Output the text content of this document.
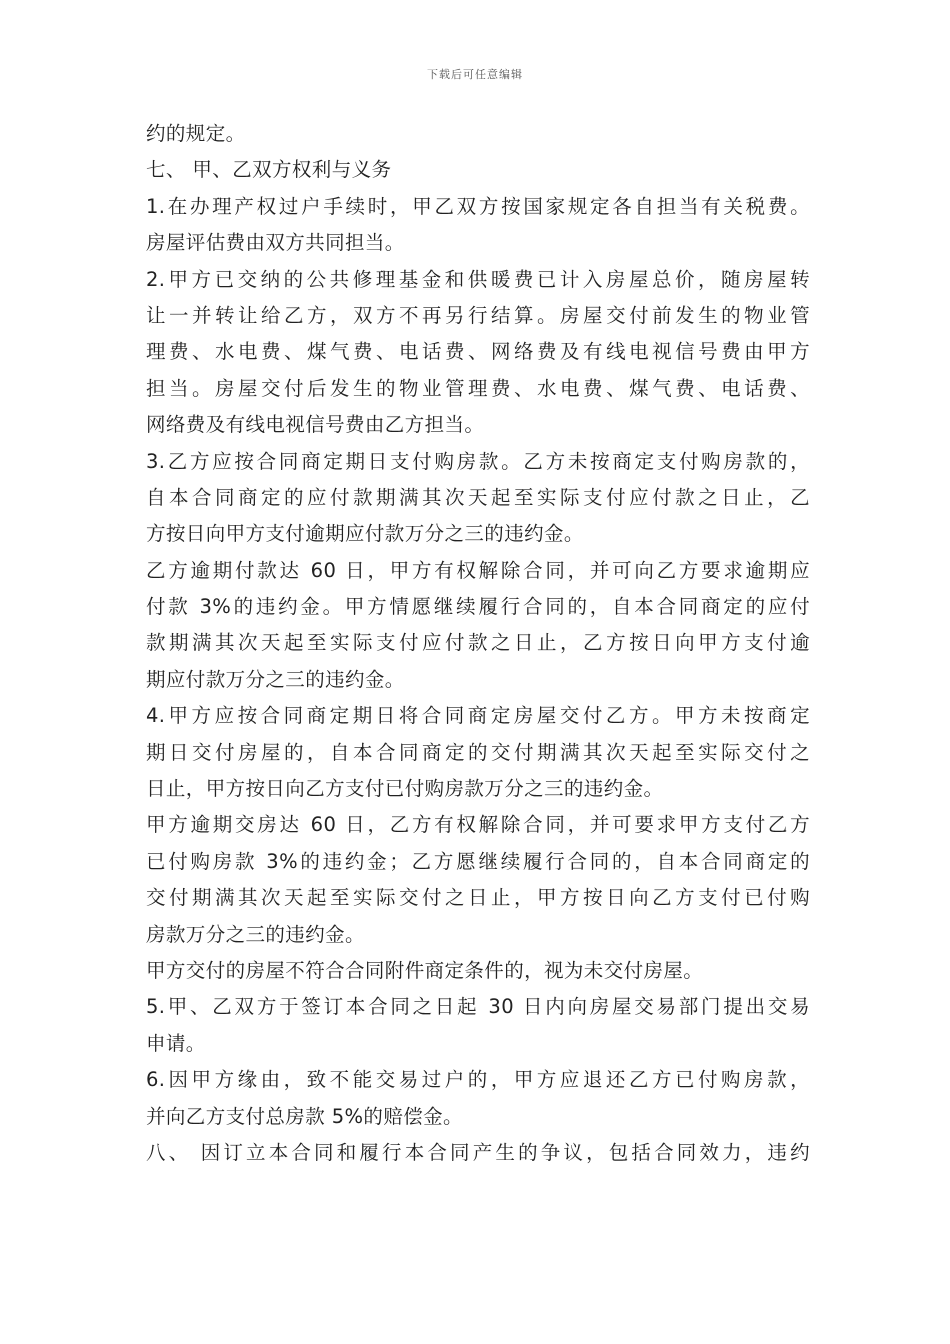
下载后可任意编辑
约的规定。
七、 甲、乙双方权利与义务
1.在办理产权过户手续时，甲乙双方按国家规定各自担当有关税费。
房屋评估费由双方共同担当。
2.甲方已交纳的公共修理基金和供暖费已计入房屋总价，随房屋转
让一并转让给乙方，双方不再另行结算。房屋交付前发生的物业管
理费、水电费、煤气费、电话费、网络费及有线电视信号费由甲方
担当。房屋交付后发生的物业管理费、水电费、煤气费、电话费、
网络费及有线电视信号费由乙方担当。
3.乙方应按合同商定期日支付购房款。乙方未按商定支付购房款的，
自本合同商定的应付款期满其次天起至实际支付应付款之日止，乙
方按日向甲方支付逾期应付款万分之三的违约金。
乙方逾期付款达 60 日，甲方有权解除合同，并可向乙方要求逾期应
付款 3%的违约金。甲方情愿继续履行合同的，自本合同商定的应付
款期满其次天起至实际支付应付款之日止，乙方按日向甲方支付逾
期应付款万分之三的违约金。
4.甲方应按合同商定期日将合同商定房屋交付乙方。甲方未按商定
期日交付房屋的，自本合同商定的交付期满其次天起至实际交付之
日止，甲方按日向乙方支付已付购房款万分之三的违约金。
甲方逾期交房达 60 日，乙方有权解除合同，并可要求甲方支付乙方
已付购房款 3%的违约金；乙方愿继续履行合同的，自本合同商定的
交付期满其次天起至实际交付之日止，甲方按日向乙方支付已付购
房款万分之三的违约金。
甲方交付的房屋不符合合同附件商定条件的，视为未交付房屋。
5.甲、乙双方于签订本合同之日起 30 日内向房屋交易部门提出交易
申请。
6.因甲方缘由，致不能交易过户的，甲方应退还乙方已付购房款，
并向乙方支付总房款 5%的赔偿金。
八、 因订立本合同和履行本合同产生的争议，包括合同效力，违约
